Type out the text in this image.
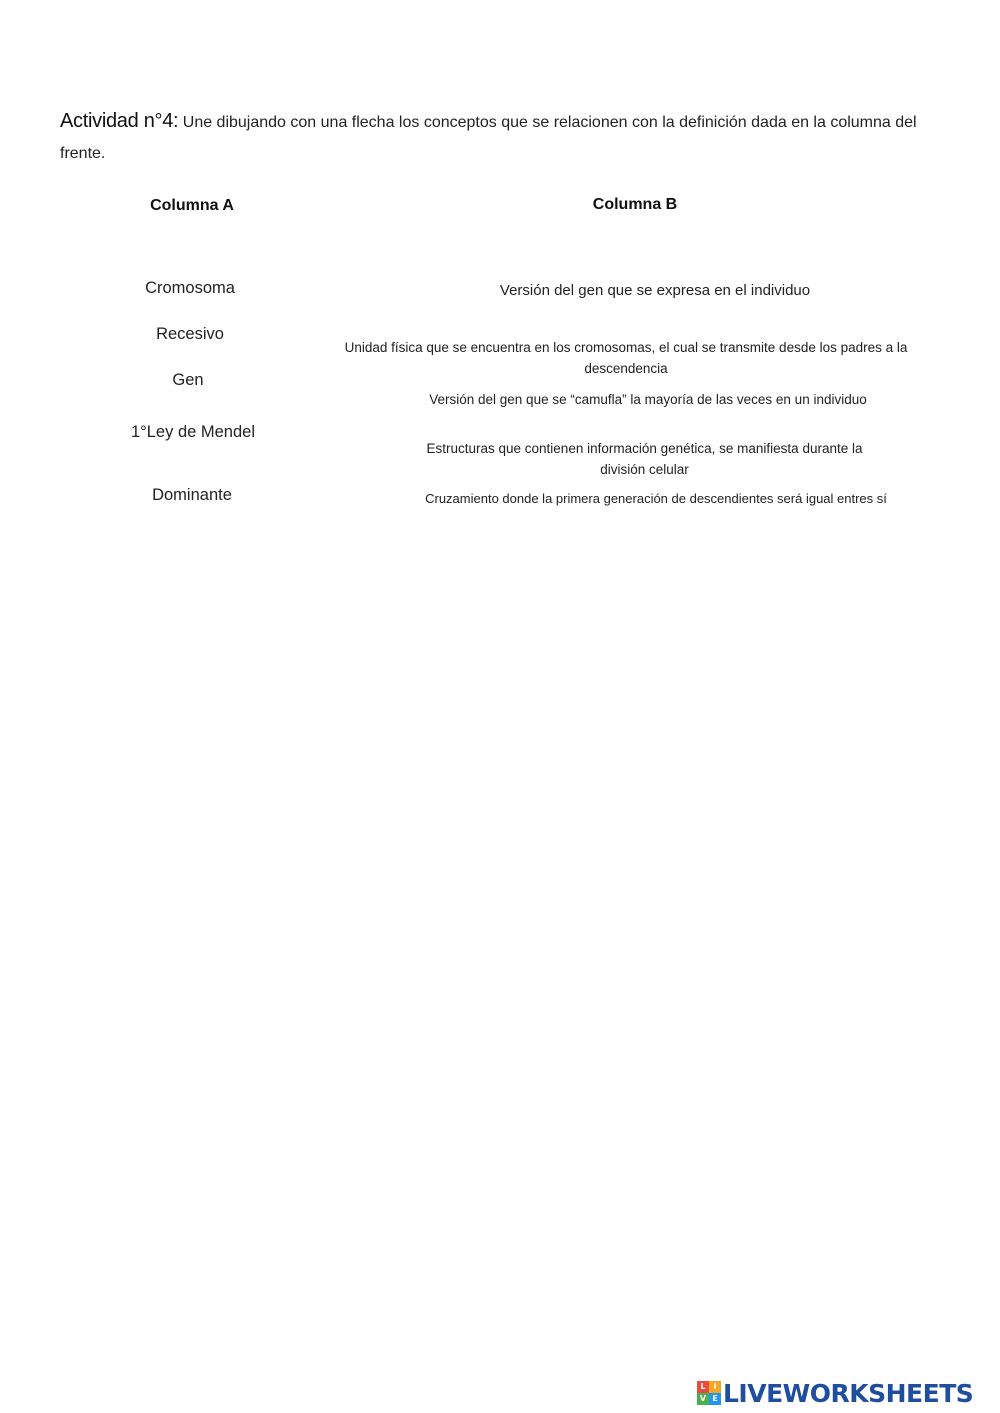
Actividad n°4: Une dibujando con una flecha los conceptos que se relacionen con la definición dada en la columna del frente.
Columna A	Columna B
Cromosoma
Recesivo
Gen
1°Ley de Mendel
Dominante
Versión del gen que se expresa en el individuo
Unidad física que se encuentra en los cromosomas, el cual se transmite desde los padres a la descendencia
Versión del gen que se “camufla” la mayoría de las veces en un individuo
Estructuras que contienen información genética, se manifiesta durante la división celular
Cruzamiento donde la primera generación de descendientes será igual entres sí
L I
V E LIVEWORKSHEETS
